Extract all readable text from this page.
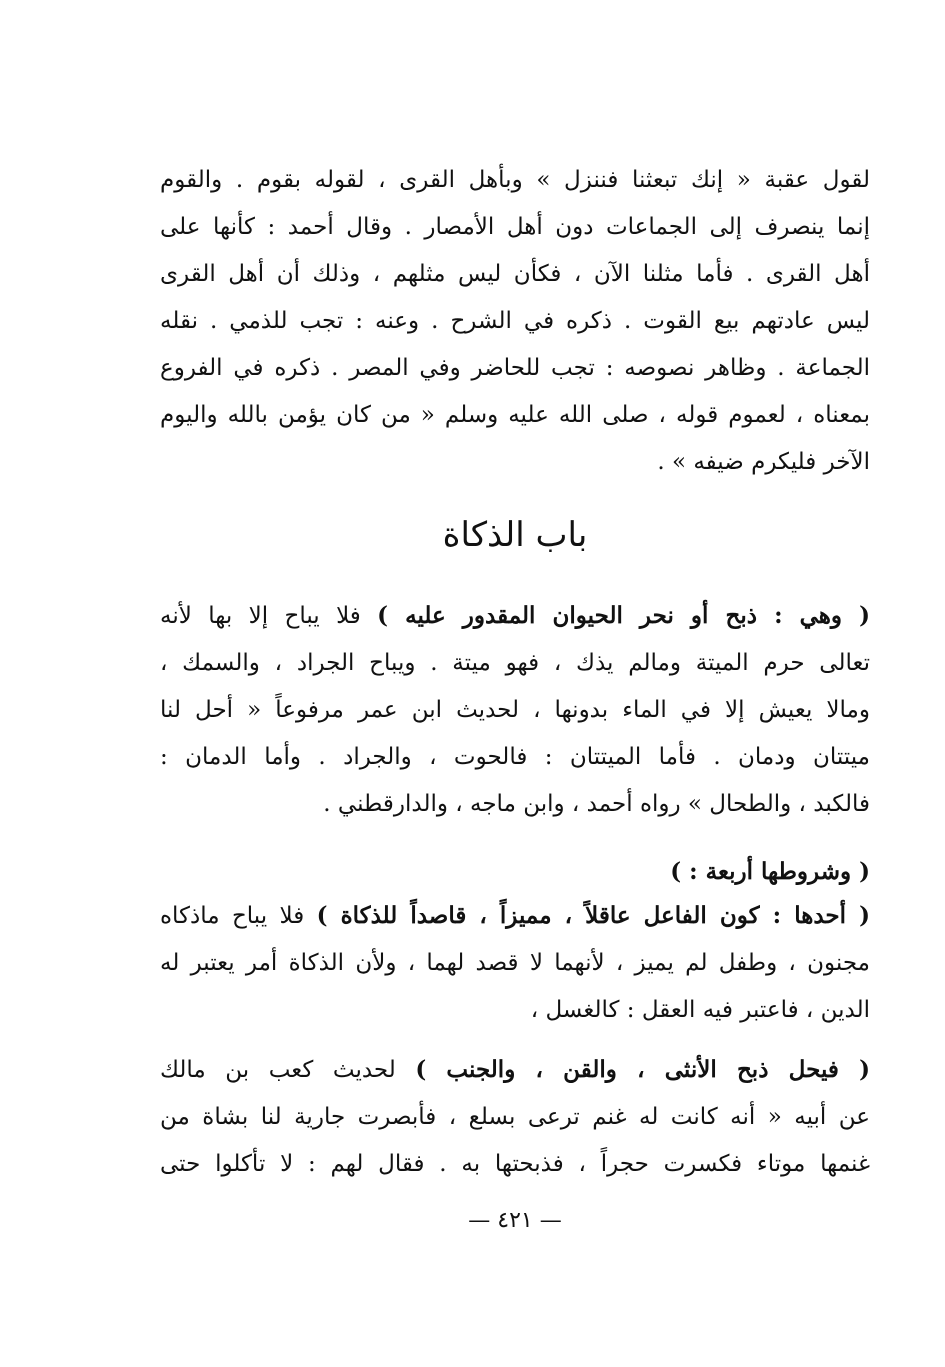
لقول عقبة « إنك تبعثنا فننزل » وبأهل القرى ، لقوله بقوم . والقوم
إنما ينصرف إلى الجماعات دون أهل الأمصار . وقال أحمد : كأنها على
أهل القرى . فأما مثلنا الآن ، فكأن ليس مثلهم ، وذلك أن أهل القرى
ليس عادتهم بيع القوت . ذكره في الشرح . وعنه : تجب للذمي . نقله
الجماعة . وظاهر نصوصه : تجب للحاضر وفي المصر . ذكره في الفروع
بمعناه ، لعموم قوله ، صلى الله عليه وسلم « من كان يؤمن بالله واليوم
الآخر فليكرم ضيفه » .
باب الذكاة
( وهي : ذبح أو نحر الحيوان المقدور عليه ) فلا يباح إلا بها لأنه
تعالى حرم الميتة ومالم يذك ، فهو ميتة . ويباح الجراد ، والسمك ،
ومالا يعيش إلا في الماء بدونها ، لحديث ابن عمر مرفوعاً « أحل لنا
ميتتان ودمان . فأما الميتتان : فالحوت ، والجراد . وأما الدمان :
فالكبد ، والطحال » رواه أحمد ، وابن ماجه ، والدارقطني .
( وشروطها أربعة : )
( أحدها : كون الفاعل عاقلاً ، مميزاً ، قاصداً للذكاة ) فلا يباح ماذكاه
مجنون ، وطفل لم يميز ، لأنهما لا قصد لهما ، ولأن الذكاة أمر يعتبر له
الدين ، فاعتبر فيه العقل : كالغسل ،
( فيحل ذبح الأنثى ، والقن ، والجنب ) لحديث كعب بن مالك
عن أبيه « أنه كانت له غنم ترعى بسلع ، فأبصرت جارية لنا بشاة من
غنمها موتاء فكسرت حجراً ، فذبحتها به . فقال لهم : لا تأكلوا حتى
— ٤٢١ —
